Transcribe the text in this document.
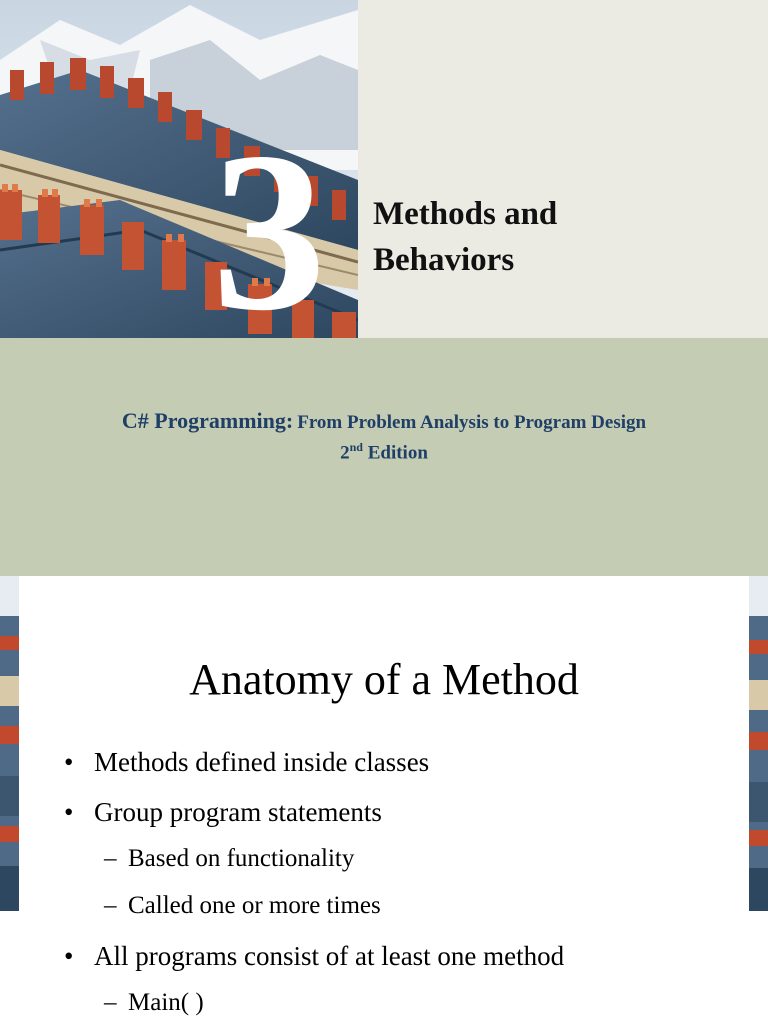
3 Methods and
Behaviors
C# Programming: From Problem Analysis to Program Design
2nd Edition
Anatomy of a Method
• Methods defined inside classes
• Group program statements
– Based on functionality
– Called one or more times
• All programs consist of at least one method
– Main( )
